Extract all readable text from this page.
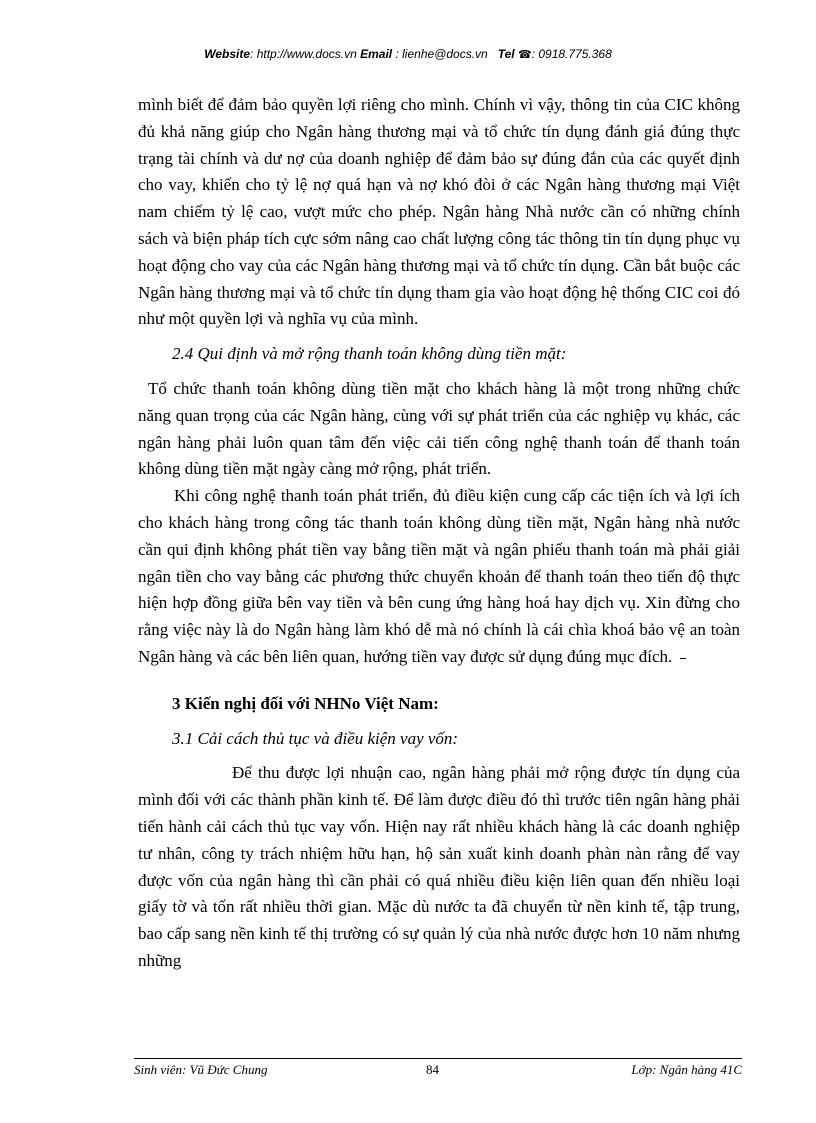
Website: http://www.docs.vn Email : lienhe@docs.vn Tel ☎: 0918.775.368

mình biết để đảm bảo quyền lợi riêng cho mình. Chính vì vậy, thông tin của CIC không đủ khả năng giúp cho Ngân hàng thương mại và tổ chức tín dụng đánh giá đúng thực trạng tài chính và dư nợ của doanh nghiệp để đảm bảo sự đúng đắn của các quyết định cho vay, khiến cho tỷ lệ nợ quá hạn và nợ khó đòi ở các Ngân hàng thương mại Việt nam chiếm tỷ lệ cao, vượt mức cho phép. Ngân hàng Nhà nước cần có những chính sách và biện pháp tích cực sớm nâng cao chất lượng công tác thông tin tín dụng phục vụ hoạt động cho vay của các Ngân hàng thương mại và tổ chức tín dụng. Cần bắt buộc các Ngân hàng thương mại và tổ chức tín dụng tham gia vào hoạt động hệ thống CIC coi đó như một quyền lợi và nghĩa vụ của mình.

2.4 Qui định và mở rộng thanh toán không dùng tiền mặt:

Tổ chức thanh toán không dùng tiền mặt cho khách hàng là một trong những chức năng quan trọng của các Ngân hàng, cùng với sự phát triển của các nghiệp vụ khác, các ngân hàng phải luôn quan tâm đến việc cải tiến công nghệ thanh toán để thanh toán không dùng tiền mặt ngày càng mở rộng, phát triển.

Khi công nghệ thanh toán phát triển, đủ điều kiện cung cấp các tiện ích và lợi ích cho khách hàng trong công tác thanh toán không dùng tiền mặt, Ngân hàng nhà nước cần qui định không phát tiền vay bằng tiền mặt và ngân phiếu thanh toán mà phải giải ngân tiền cho vay bằng các phương thức chuyển khoản để thanh toán theo tiến độ thực hiện hợp đồng giữa bên vay tiền và bên cung ứng hàng hoá hay dịch vụ. Xin đừng cho rằng việc này là do Ngân hàng làm khó dễ mà nó chính là cái chìa khoá bảo vệ an toàn Ngân hàng và các bên liên quan, hướng tiền vay được sử dụng đúng mục đích.

3 Kiến nghị đối với NHNo Việt Nam:

3.1 Cải cách thủ tục và điều kiện vay vốn:

Để thu được lợi nhuận cao, ngân hàng phải mở rộng được tín dụng của mình đối với các thành phần kinh tế. Để làm được điều đó thì trước tiên ngân hàng phải tiến hành cải cách thủ tục vay vốn. Hiện nay rất nhiều khách hàng là các doanh nghiệp tư nhân, công ty trách nhiệm hữu hạn, hộ sản xuất kinh doanh phàn nàn rằng để vay được vốn của ngân hàng thì cần phải có quá nhiều điều kiện liên quan đến nhiều loại giấy tờ và tốn rất nhiều thời gian. Mặc dù nước ta đã chuyển từ nền kinh tế, tập trung, bao cấp sang nền kinh tế thị trường có sự quản lý của nhà nước được hơn 10 năm nhưng những

Sinh viên: Vũ Đức Chung	84	Lớp: Ngân hàng 41C
